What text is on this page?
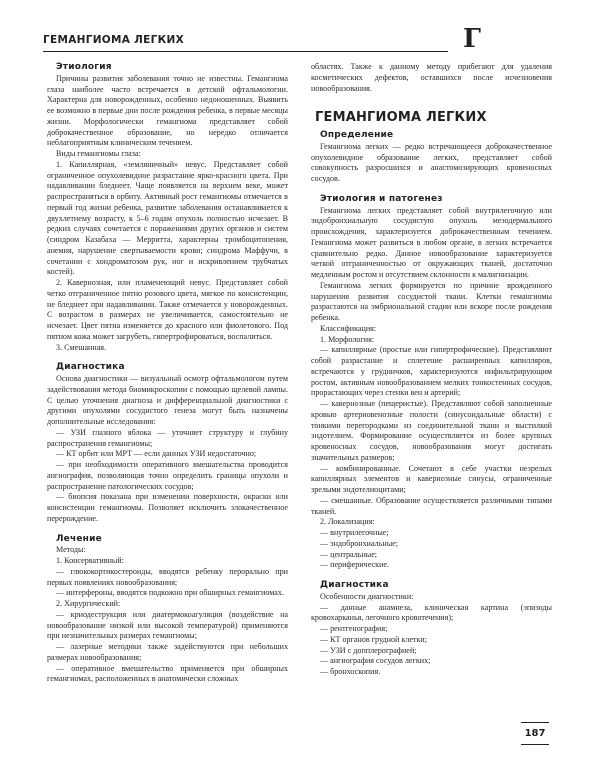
ГЕМАНГИОМА ЛЕГКИХ	Г
Этиология

Причины развития заболевания точно не известны. Гемангиома глаза наиболее часто встречается в детской офтальмологии. Характерна для новорожденных, особенно недоношенных. Выявить ее возможно в первые дни после рождения ребенка, в первые месяцы жизни. Морфологически гемангиома представляет собой доброкачественное образование, но нередко отличается неблагоприятным клиническим течением.

Виды гемангиомы глаза:

1. Капиллярная, «земляничный» невус. Представляет собой ограниченное опухолевидное разрастание ярко-красного цвета. При надавливании бледнеет. Чаще появляется на верхнем веке, может распространяться в орбиту. Активный рост гемангиомы отмечается в первый год жизни ребенка, развитие заболевания останавливается к двухлетнему возрасту, к 5–6 годам опухоль полностью исчезает. В редких случаях сочетается с поражениями других органов и систем (синдром Казабаха — Мерритта, характерны тромбоцитопения, анемия, нарушение свертываемости крови; синдрома Маффучи, в сочетании с хондроматозом рук, ног и искривлением трубчатых костей).

2. Кавернозная, или пламенеющий невус. Представляет собой четко отграниченное пятно розового цвета, мягкое по консистенции, не бледнеет при надавливании. Также отмечается у новорожденных. С возрастом в размерах не увеличивается, самостоятельно не исчезает. Цвет пятна изменяется до красного или фиолетового. Под пятном кожа может загрубеть, гипертрофироваться, воспалиться.

3. Смешанная.

Диагностика

Основа диагностики — визуальный осмотр офтальмологом путем задействования метода биомикроскопии с помощью щелевой лампы. С целью уточнения диагноза и дифференциальной диагностики с другими опухолями сосудистого генеза могут быть назначены дополнительные исследования:

— УЗИ глазного яблока — уточняет структуру и глубину распространения гемангиомы;

— КТ орбит или МРТ — если данных УЗИ недостаточно;

— при необходимости оперативного вмешательства проводится ангиография, позволяющая точно определить границы опухоли и распространение патологических сосудов;

— биопсия показана при изменении поверхности, окраски или консистенции гемангиомы. Позволяет исключить злокачественное перерождение.

Лечение

Методы:

1. Консервативный:

— глюкокортикостероиды, вводятся ребенку перорально при первых появлениях новообразования;

— интерфероны, вводятся подкожно при обширных гемангиомах.

2. Хирургический:

— криодеструкция или диатермокоагуляция (воздействие на новообразование низкой или высокой температурой) применяются при незначительных размерах гемангиомы;

— лазерные методики также задействуются при небольших размерах новообразования;

— оперативное вмешательство применяется при обширных гемангиомах, расположенных в анатомически сложных

областях. Также к данному методу прибегают для удаления косметических дефектов, оставшихся после исчезновения новообразования.

ГЕМАНГИОМА ЛЕГКИХ
Определение

Гемангиома легких — редко встречающееся доброкачественное опухолевидное образование легких, представляет собой совокупность разросшихся и анастомозирующих кровеносных сосудов.

Этиология и патогенез

Гемангиома легких представляет собой внутрилегочную или эндобронхиальную сосудистую опухоль мезодермального происхождения, характеризуется доброкачественным течением. Гемангиома может развиться в любом органе, в легких встречается сравнительно редко. Данное новообразование характеризуется четкой отграниченностью от окружающих тканей, достаточно медленным ростом и отсутствием склонности к малигнизации.

Гемангиома легких формируется по причине врожденного нарушения развития сосудистой ткани. Клетки гемангиомы разрастаются на эмбриональной стадии или вскоре после рождения ребенка.

Классификация:

1. Морфология:

— капиллярные (простые или гипертрофические). Представляют собой разрастание и сплетение расширенных капилляров, встречаются у грудничков, характеризуются инфильтрирующим ростом, активным новообразованием мелких тонкостенных сосудов, прорастающих через стенки вен и артерий;

— кавернозные (пещеристые). Представляют собой заполненные кровью артериовенозные полости (синусоидальные области) с тонкими перегородками из соединительной ткани и выстилкой эндотелием. Формирование осуществляется из более крупных кровеносных сосудов, новообразования могут достигать значительных размеров;

— комбинированные. Сочетают в себе участки незрелых капиллярных элементов и кавернозные синусы, ограниченные зрелыми эндотелиоцитами;

— смешанные. Образование осуществляется различными типами тканей.

2. Локализация:

— внутрилегочные;

— эндобронхиальные;

— центральные;

— периферические.

Диагностика

Особенности диагностики:

— данные анамнеза, клиническая картина (эпизоды кровохарканья, легочного кровотечения);

— рентгенография;

— КТ органов грудной клетки;

— УЗИ с допплерографией;

— ангиография сосудов легких;

— бронхоскопия.

187
